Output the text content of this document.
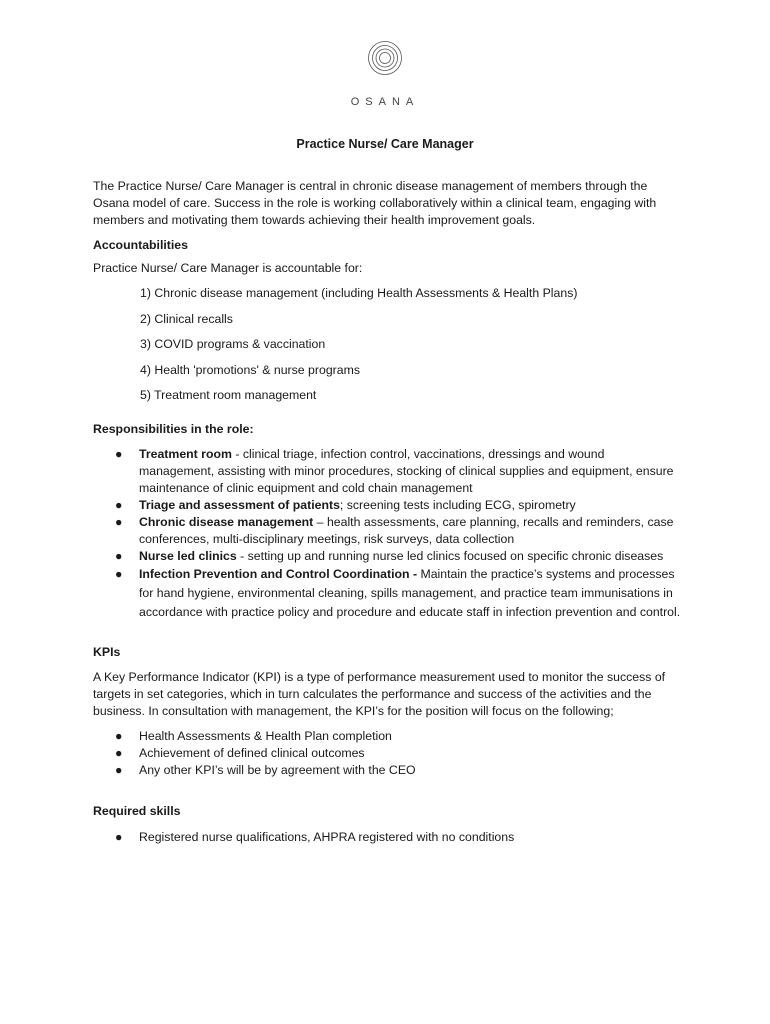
OSANA
Practice Nurse/ Care Manager

The Practice Nurse/ Care Manager is central in chronic disease management of members through the Osana model of care. Success in the role is working collaboratively within a clinical team, engaging with members and motivating them towards achieving their health improvement goals.

Accountabilities

Practice Nurse/ Care Manager is accountable for:

1) Chronic disease management (including Health Assessments & Health Plans)
2) Clinical recalls
3) COVID programs & vaccination
4) Health 'promotions' & nurse programs
5) Treatment room management

Responsibilities in the role:

● Treatment room - clinical triage, infection control, vaccinations, dressings and wound management, assisting with minor procedures, stocking of clinical supplies and equipment, ensure maintenance of clinic equipment and cold chain management
● Triage and assessment of patients; screening tests including ECG, spirometry
● Chronic disease management – health assessments, care planning, recalls and reminders, case conferences, multi-disciplinary meetings, risk surveys, data collection
● Nurse led clinics - setting up and running nurse led clinics focused on specific chronic diseases
● Infection Prevention and Control Coordination - Maintain the practice’s systems and processes for hand hygiene, environmental cleaning, spills management, and practice team immunisations in accordance with practice policy and procedure and educate staff in infection prevention and control.

KPIs

A Key Performance Indicator (KPI) is a type of performance measurement used to monitor the success of targets in set categories, which in turn calculates the performance and success of the activities and the business. In consultation with management, the KPI’s for the position will focus on the following;

● Health Assessments & Health Plan completion
● Achievement of defined clinical outcomes
● Any other KPI’s will be by agreement with the CEO

Required skills

● Registered nurse qualifications, AHPRA registered with no conditions
